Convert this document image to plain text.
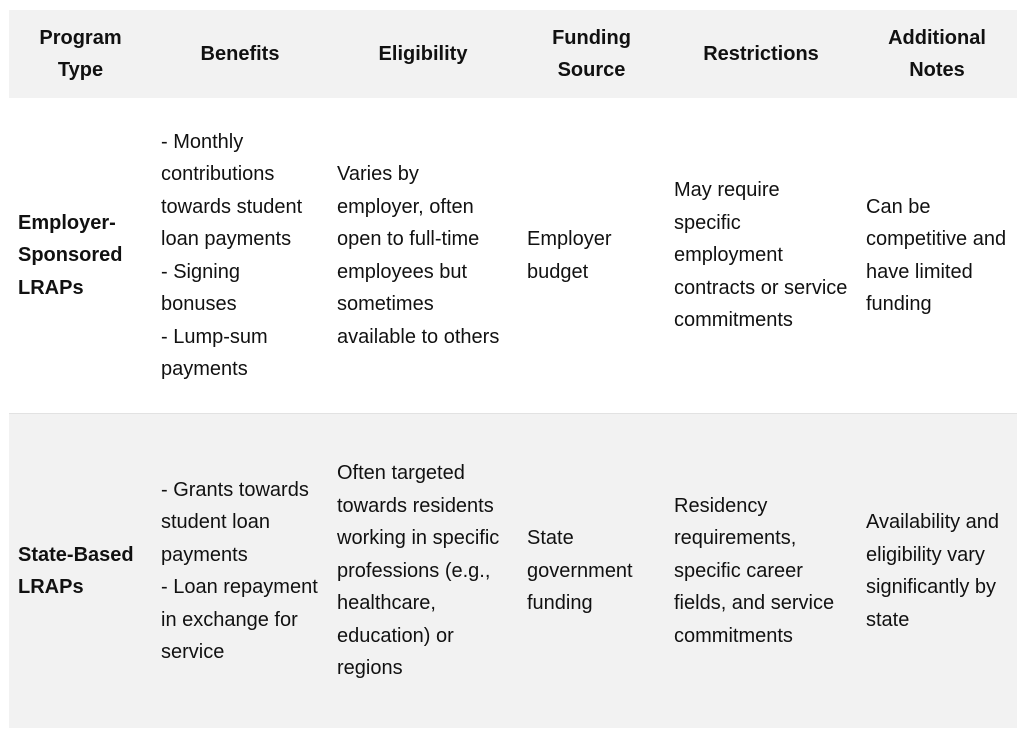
Program Type	Benefits	Eligibility	Funding Source	Restrictions	Additional Notes

Employer-Sponsored LRAPs	- Monthly contributions towards student loan payments
- Signing bonuses
- Lump-sum payments	Varies by employer, often open to full-time employees but sometimes available to others	Employer budget	May require specific employment contracts or service commitments	Can be competitive and have limited funding

State-Based LRAPs	- Grants towards student loan payments
- Loan repayment in exchange for service	Often targeted towards residents working in specific professions (e.g., healthcare, education) or regions	State government funding	Residency requirements, specific career fields, and service commitments	Availability and eligibility vary significantly by state
